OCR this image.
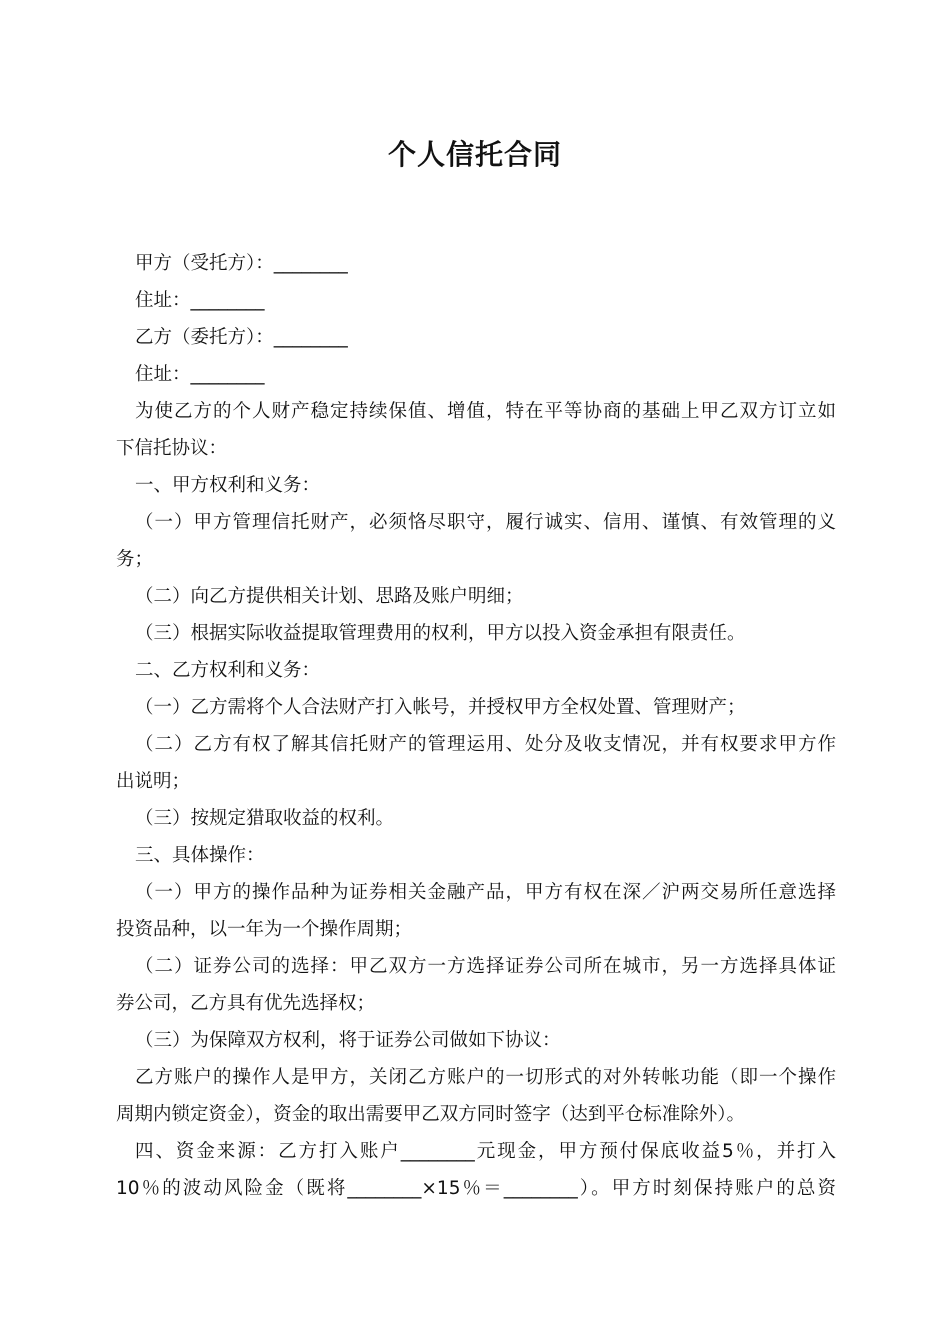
个人信托合同
甲方（受托方）：________
住址：________
乙方（委托方）：________
住址：________
为使乙方的个人财产稳定持续保值、增值，特在平等协商的基础上甲乙双方订立如
下信托协议：
一、甲方权利和义务：
（一）甲方管理信托财产，必须恪尽职守，履行诚实、信用、谨慎、有效管理的义
务；
（二）向乙方提供相关计划、思路及账户明细；
（三）根据实际收益提取管理费用的权利，甲方以投入资金承担有限责任。
二、乙方权利和义务：
（一）乙方需将个人合法财产打入帐号，并授权甲方全权处置、管理财产；
（二）乙方有权了解其信托财产的管理运用、处分及收支情况，并有权要求甲方作
出说明；
（三）按规定猎取收益的权利。
三、具体操作：
（一）甲方的操作品种为证券相关金融产品，甲方有权在深／沪两交易所任意选择
投资品种，以一年为一个操作周期；
（二）证券公司的选择：甲乙双方一方选择证券公司所在城市，另一方选择具体证
券公司，乙方具有优先选择权；
（三）为保障双方权利，将于证券公司做如下协议：
乙方账户的操作人是甲方，关闭乙方账户的一切形式的对外转帐功能（即一个操作
周期内锁定资金），资金的取出需要甲乙双方同时签字（达到平仓标准除外）。
四、资金来源：乙方打入账户________元现金，甲方预付保底收益5％，并打入
10％的波动风险金（既将________×15％＝________）。甲方时刻保持账户的总资
